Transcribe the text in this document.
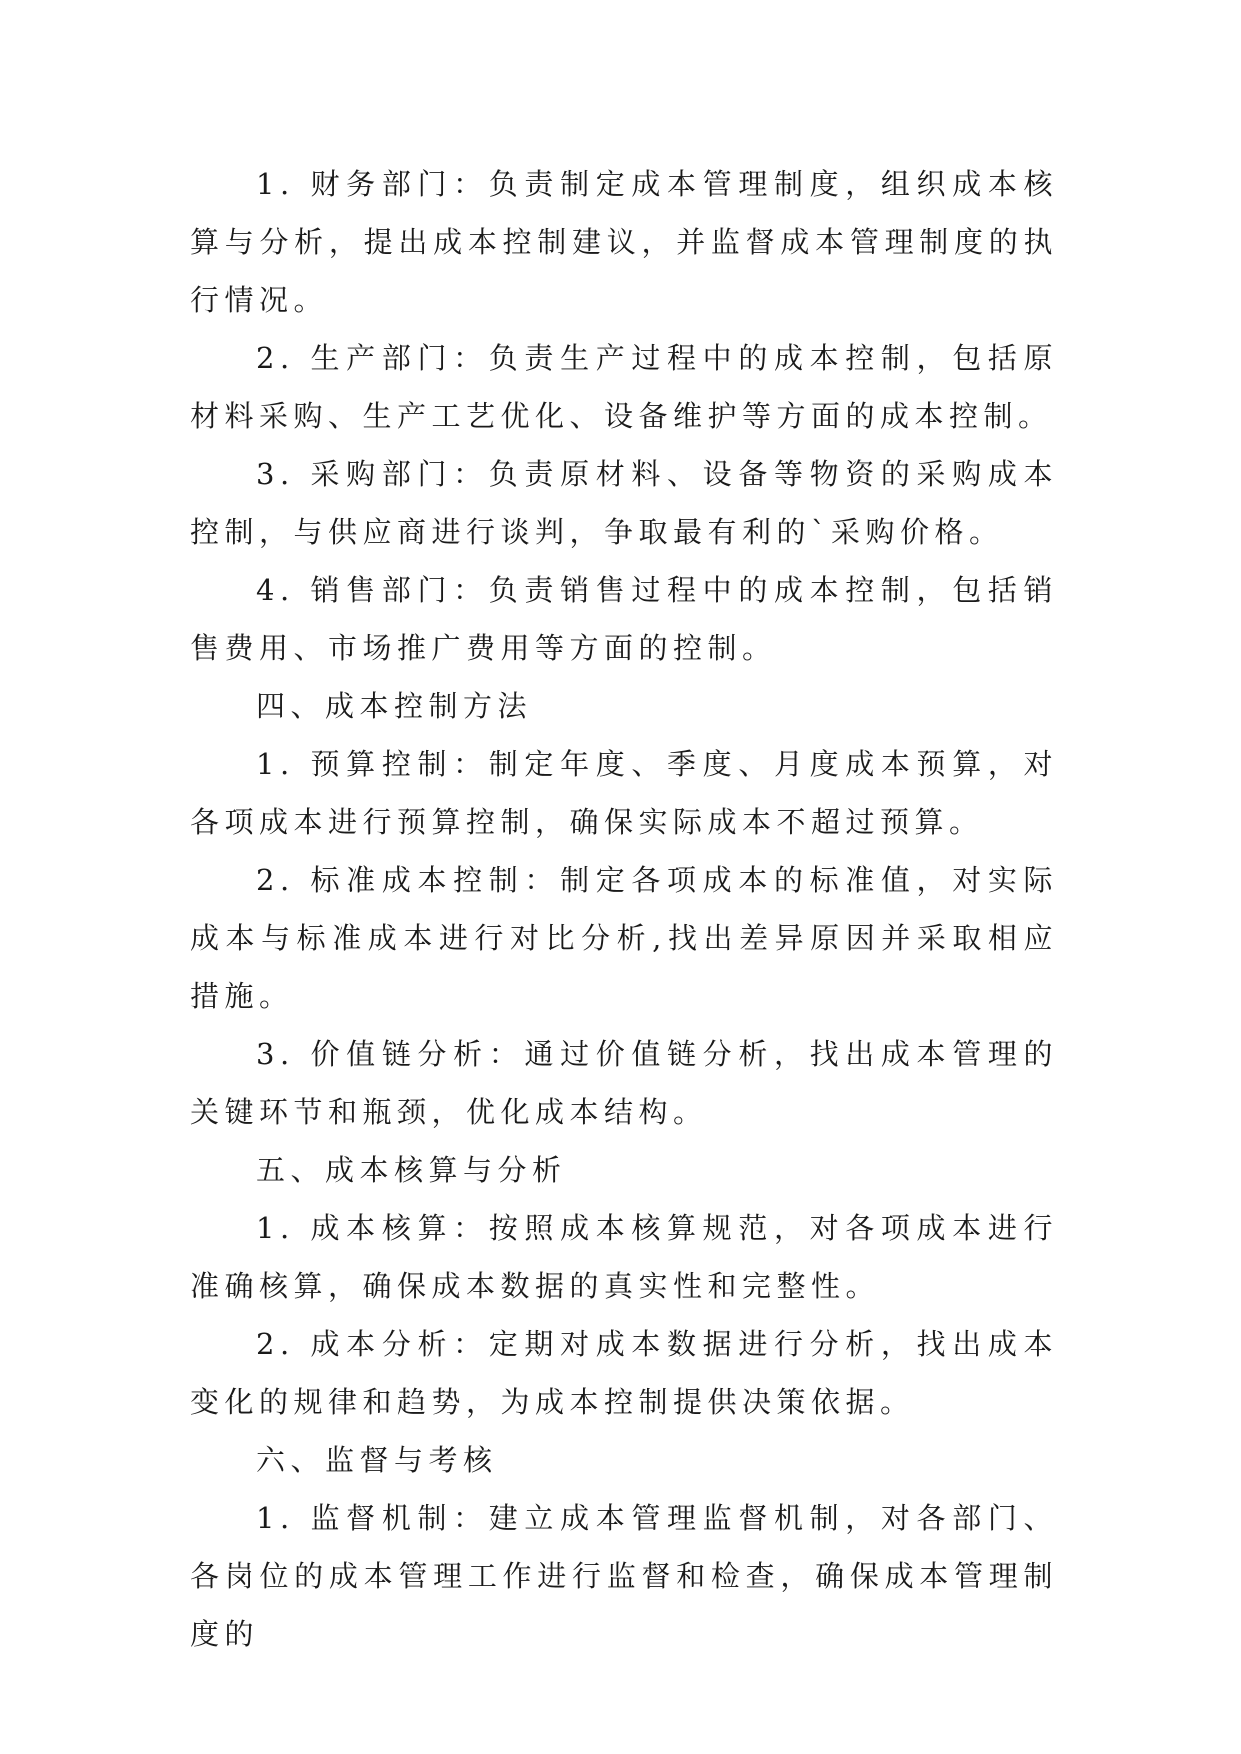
1. 财务部门：负责制定成本管理制度，组织成本核算与分析，提出成本控制建议，并监督成本管理制度的执行情况。

2. 生产部门：负责生产过程中的成本控制，包括原材料采购、生产工艺优化、设备维护等方面的成本控制。

3. 采购部门：负责原材料、设备等物资的采购成本控制，与供应商进行谈判，争取最有利的`采购价格。

4. 销售部门：负责销售过程中的成本控制，包括销售费用、市场推广费用等方面的控制。

四、成本控制方法

1. 预算控制：制定年度、季度、月度成本预算，对各项成本进行预算控制，确保实际成本不超过预算。

2. 标准成本控制：制定各项成本的标准值，对实际成本与标准成本进行对比分析,找出差异原因并采取相应措施。

3. 价值链分析：通过价值链分析，找出成本管理的关键环节和瓶颈，优化成本结构。

五、成本核算与分析

1. 成本核算：按照成本核算规范，对各项成本进行准确核算，确保成本数据的真实性和完整性。

2. 成本分析：定期对成本数据进行分析，找出成本变化的规律和趋势，为成本控制提供决策依据。

六、监督与考核

1. 监督机制：建立成本管理监督机制，对各部门、各岗位的成本管理工作进行监督和检查，确保成本管理制度的
